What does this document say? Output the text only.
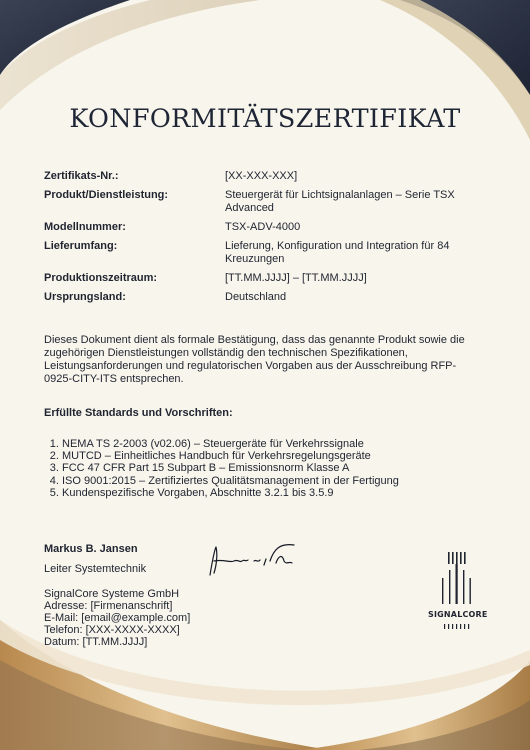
KONFORMITÄTSZERTIFIKAT
Zertifikats-Nr.:	[XX-XXX-XXX]
Produkt/Dienstleistung:	Steuergerät für Lichtsignalanlagen – Serie TSX Advanced
Modellnummer:	TSX-ADV-4000
Lieferumfang:	Lieferung, Konfiguration und Integration für 84 Kreuzungen
Produktionszeitraum:	[TT.MM.JJJJ] – [TT.MM.JJJJ]
Ursprungsland:	Deutschland
Dieses Dokument dient als formale Bestätigung, dass das genannte Produkt sowie die zugehörigen Dienstleistungen vollständig den technischen Spezifikationen, Leistungsanforderungen und regulatorischen Vorgaben aus der Ausschreibung RFP-0925-CITY-ITS entsprechen.
Erfüllte Standards und Vorschriften:
1. NEMA TS 2-2003 (v02.06) – Steuergeräte für Verkehrssignale
2. MUTCD – Einheitliches Handbuch für Verkehrsregelungsgeräte
3. FCC 47 CFR Part 15 Subpart B – Emissionsnorm Klasse A
4. ISO 9001:2015 – Zertifiziertes Qualitätsmanagement in der Fertigung
5. Kundenspezifische Vorgaben, Abschnitte 3.2.1 bis 3.5.9
Markus B. Jansen
Leiter Systemtechnik
SignalCore Systeme GmbH
Adresse: [Firmenanschrift]
E-Mail: [email@example.com]
Telefon: [XXX-XXXX-XXXX]
Datum: [TT.MM.JJJJ]
SIGNALCORE
